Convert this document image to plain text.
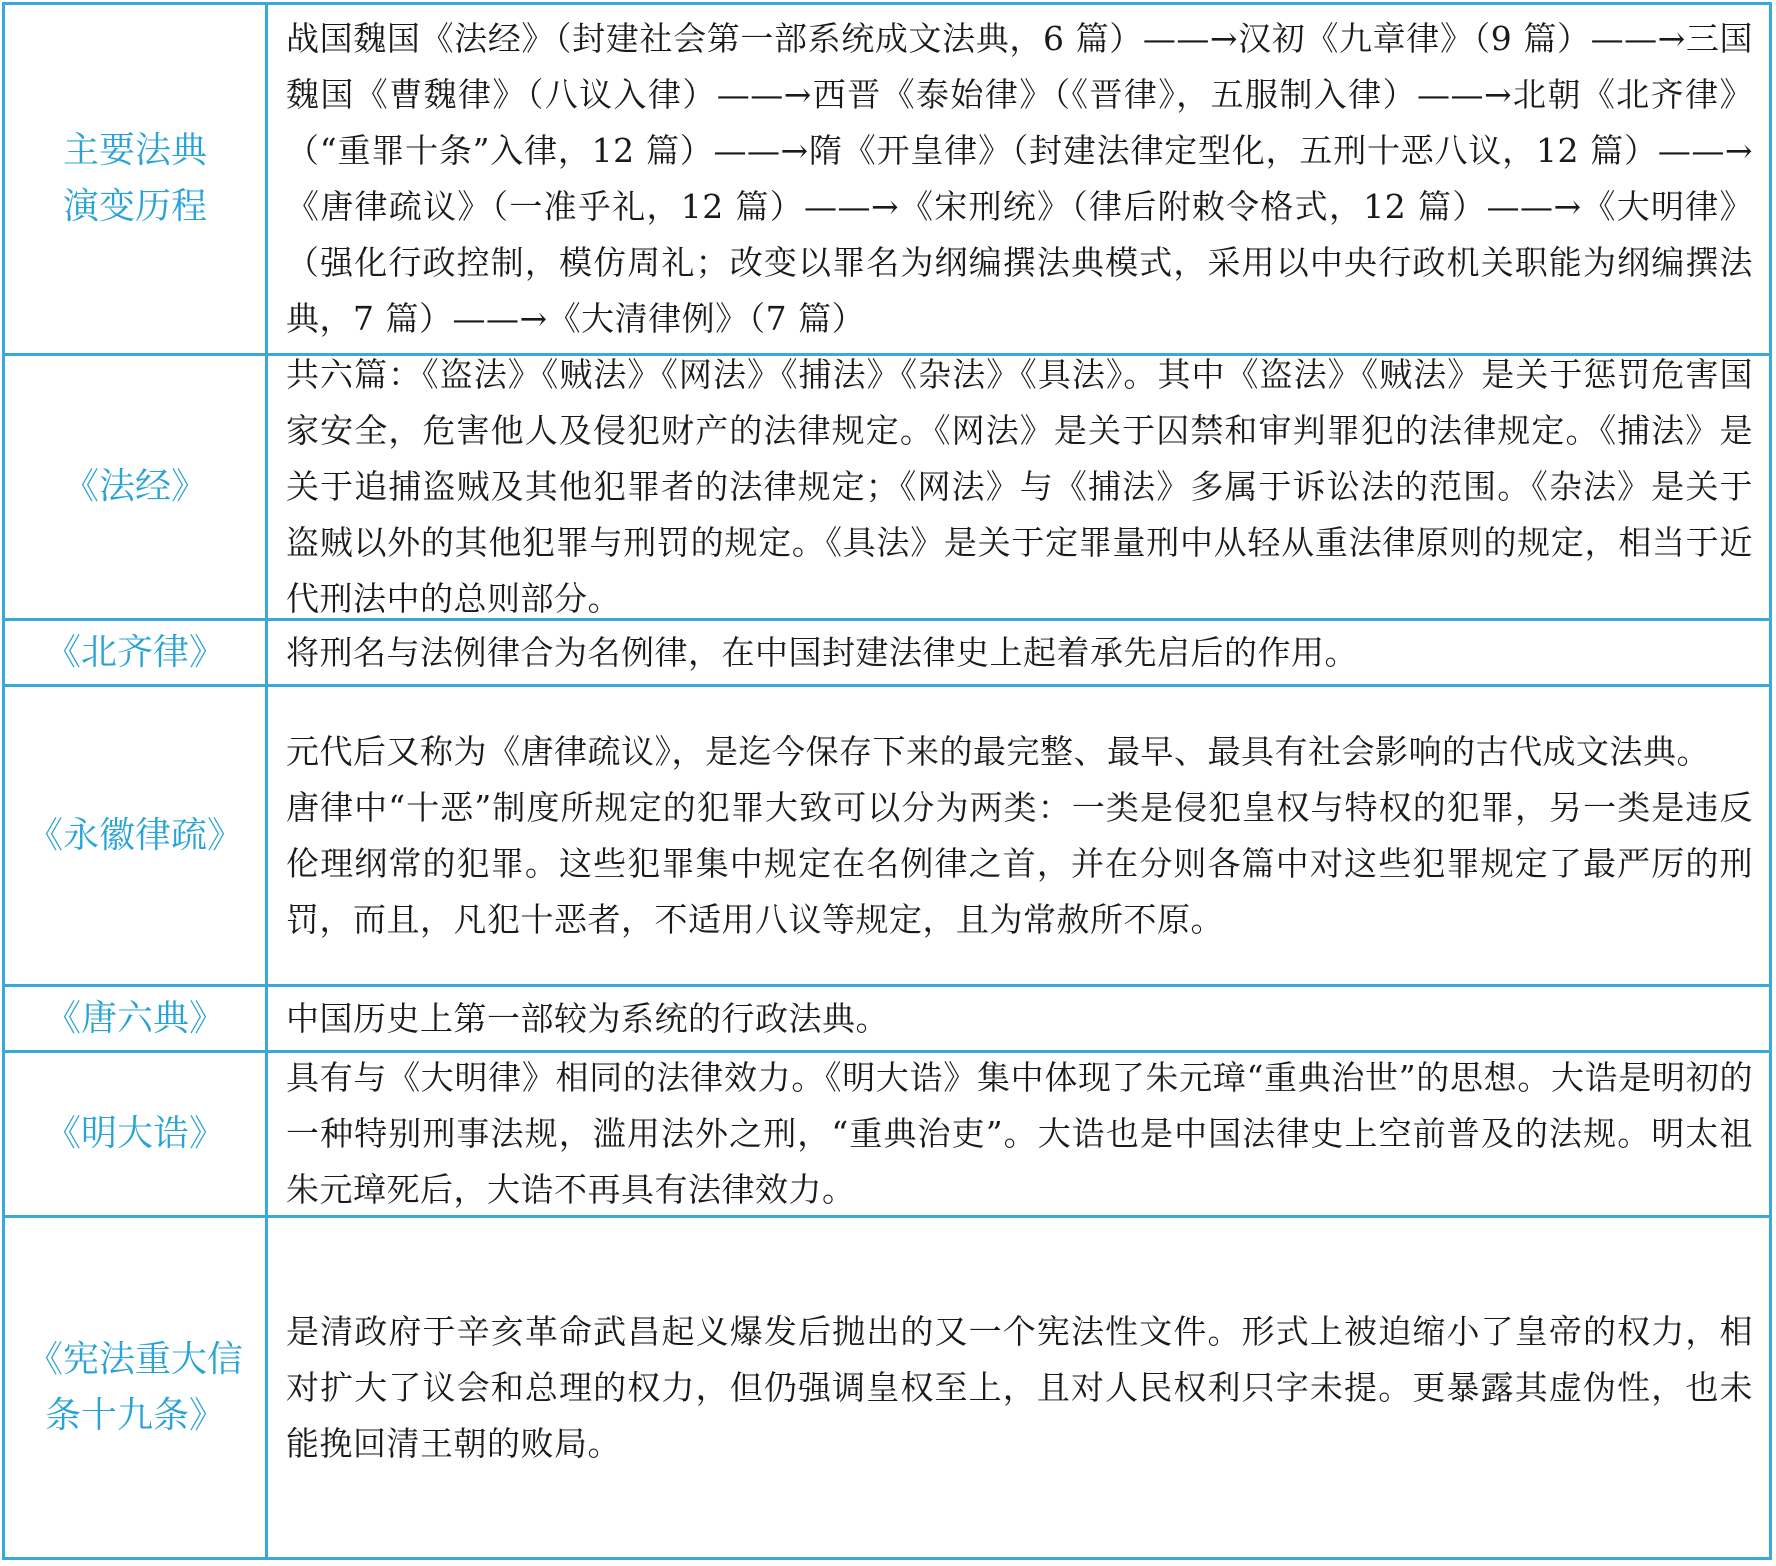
主要法典
演变历程

战国魏国《法经》（封建社会第一部系统成文法典，6 篇）——→汉初《九章律》（9 篇）——→三国魏国《曹魏律》（八议入律）——→西晋《泰始律》（《晋律》，五服制入律）——→北朝《北齐律》（“重罪十条”入律，12 篇）——→隋《开皇律》（封建法律定型化，五刑十恶八议，12 篇）——→《唐律疏议》（一准乎礼，12 篇）——→《宋刑统》（律后附敕令格式，12 篇）——→《大明律》（强化行政控制，模仿周礼；改变以罪名为纲编撰法典模式，采用以中央行政机关职能为纲编撰法典，7 篇）——→《大清律例》（7 篇）

《法经》

共六篇：《盗法》《贼法》《网法》《捕法》《杂法》《具法》。其中《盗法》《贼法》是关于惩罚危害国家安全，危害他人及侵犯财产的法律规定。《网法》是关于囚禁和审判罪犯的法律规定。《捕法》是关于追捕盗贼及其他犯罪者的法律规定；《网法》与《捕法》多属于诉讼法的范围。《杂法》是关于盗贼以外的其他犯罪与刑罚的规定。《具法》是关于定罪量刑中从轻从重法律原则的规定，相当于近代刑法中的总则部分。

《北齐律》 将刑名与法例律合为名例律，在中国封建法律史上起着承先启后的作用。

《永徽律疏》

元代后又称为《唐律疏议》，是迄今保存下来的最完整、最早、最具有社会影响的古代成文法典。

唐律中“十恶”制度所规定的犯罪大致可以分为两类：一类是侵犯皇权与特权的犯罪，另一类是违反伦理纲常的犯罪。这些犯罪集中规定在名例律之首，并在分则各篇中对这些犯罪规定了最严厉的刑罚，而且，凡犯十恶者，不适用八议等规定，且为常赦所不原。

《唐六典》 中国历史上第一部较为系统的行政法典。

《明大诰》

具有与《大明律》相同的法律效力。《明大诰》集中体现了朱元璋“重典治世”的思想。大诰是明初的一种特别刑事法规，滥用法外之刑，“重典治吏”。大诰也是中国法律史上空前普及的法规。明太祖朱元璋死后，大诰不再具有法律效力。

《宪法重大信
条十九条》

是清政府于辛亥革命武昌起义爆发后抛出的又一个宪法性文件。形式上被迫缩小了皇帝的权力，相对扩大了议会和总理的权力，但仍强调皇权至上，且对人民权利只字未提。更暴露其虚伪性，也未能挽回清王朝的败局。
